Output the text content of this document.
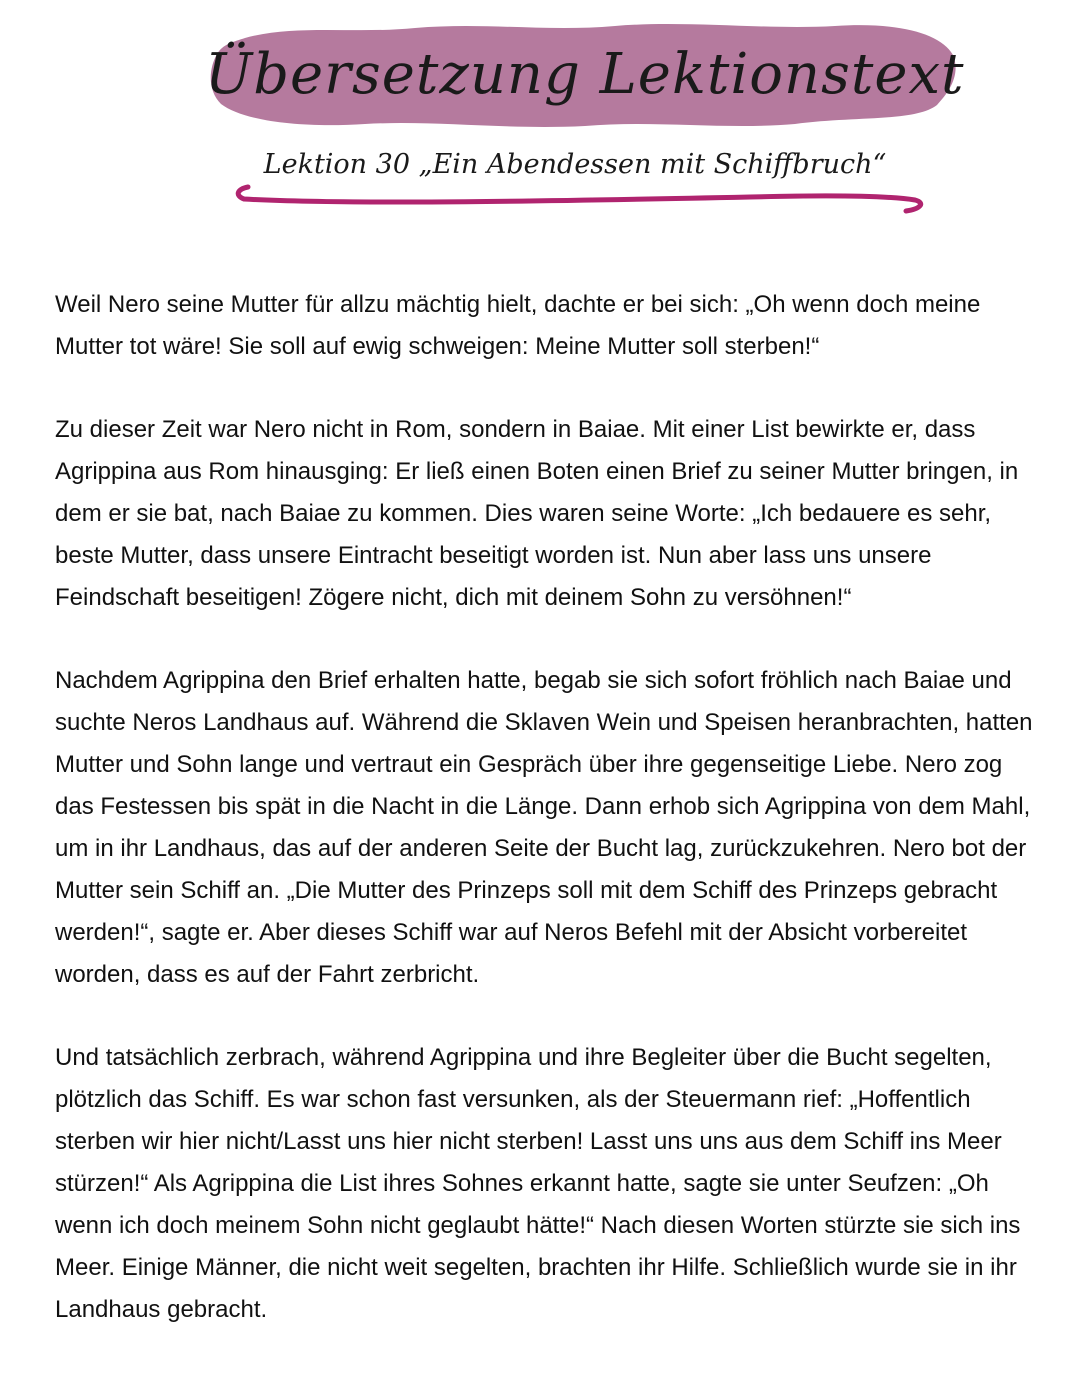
Übersetzung Lektionstext
Lektion 30 „Ein Abendessen mit Schiffbruch“

Weil Nero seine Mutter für allzu mächtig hielt, dachte er bei sich: „Oh wenn doch meine Mutter tot wäre! Sie soll auf ewig schweigen: Meine Mutter soll sterben!“

Zu dieser Zeit war Nero nicht in Rom, sondern in Baiae. Mit einer List bewirkte er, dass Agrippina aus Rom hinausging: Er ließ einen Boten einen Brief zu seiner Mutter bringen, in dem er sie bat, nach Baiae zu kommen. Dies waren seine Worte: „Ich bedauere es sehr, beste Mutter, dass unsere Eintracht beseitigt worden ist. Nun aber lass uns unsere Feindschaft beseitigen! Zögere nicht, dich mit deinem Sohn zu versöhnen!“

Nachdem Agrippina den Brief erhalten hatte, begab sie sich sofort fröhlich nach Baiae und suchte Neros Landhaus auf. Während die Sklaven Wein und Speisen heranbrachten, hatten Mutter und Sohn lange und vertraut ein Gespräch über ihre gegenseitige Liebe. Nero zog das Festessen bis spät in die Nacht in die Länge. Dann erhob sich Agrippina von dem Mahl, um in ihr Landhaus, das auf der anderen Seite der Bucht lag, zurückzukehren. Nero bot der Mutter sein Schiff an. „Die Mutter des Prinzeps soll mit dem Schiff des Prinzeps gebracht werden!“, sagte er. Aber dieses Schiff war auf Neros Befehl mit der Absicht vorbereitet worden, dass es auf der Fahrt zerbricht.

Und tatsächlich zerbrach, während Agrippina und ihre Begleiter über die Bucht segelten, plötzlich das Schiff. Es war schon fast versunken, als der Steuermann rief: „Hoffentlich sterben wir hier nicht/Lasst uns hier nicht sterben! Lasst uns uns aus dem Schiff ins Meer stürzen!“ Als Agrippina die List ihres Sohnes erkannt hatte, sagte sie unter Seufzen: „Oh wenn ich doch meinem Sohn nicht geglaubt hätte!“ Nach diesen Worten stürzte sie sich ins Meer. Einige Männer, die nicht weit segelten, brachten ihr Hilfe. Schließlich wurde sie in ihr Landhaus gebracht.
